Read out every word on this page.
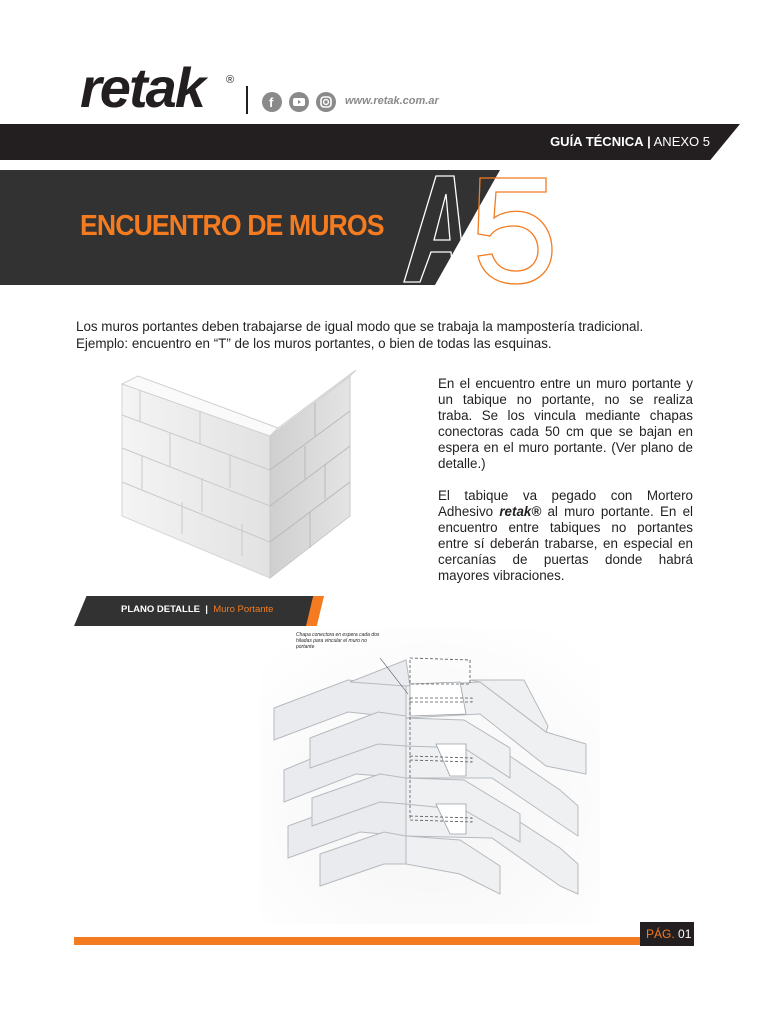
retak ®
f	www.retak.com.ar
GUÍA TÉCNICA | ANEXO 5
ENCUENTRO DE MUROS
Los muros portantes deben trabajarse de igual modo que se trabaja la mampostería tradicional.
Ejemplo: encuentro en “T” de los muros portantes, o bien de todas las esquinas.

En el encuentro entre un muro portante y un tabique no portante, no se realiza traba. Se los vincula mediante chapas conectoras cada 50 cm que se bajan en espera en el muro portante. (Ver plano de detalle.)

El tabique va pegado con Mortero Adhesivo retak® al muro portante. En el encuentro entre tabiques no portantes entre sí deberán trabarse, en especial en cercanías de puertas donde habrá mayores vibraciones.

PLANO DETALLE | Muro Portante
Chapa conectora en espera cada dos hiladas para vincular el muro no portante
PÁG. 01
